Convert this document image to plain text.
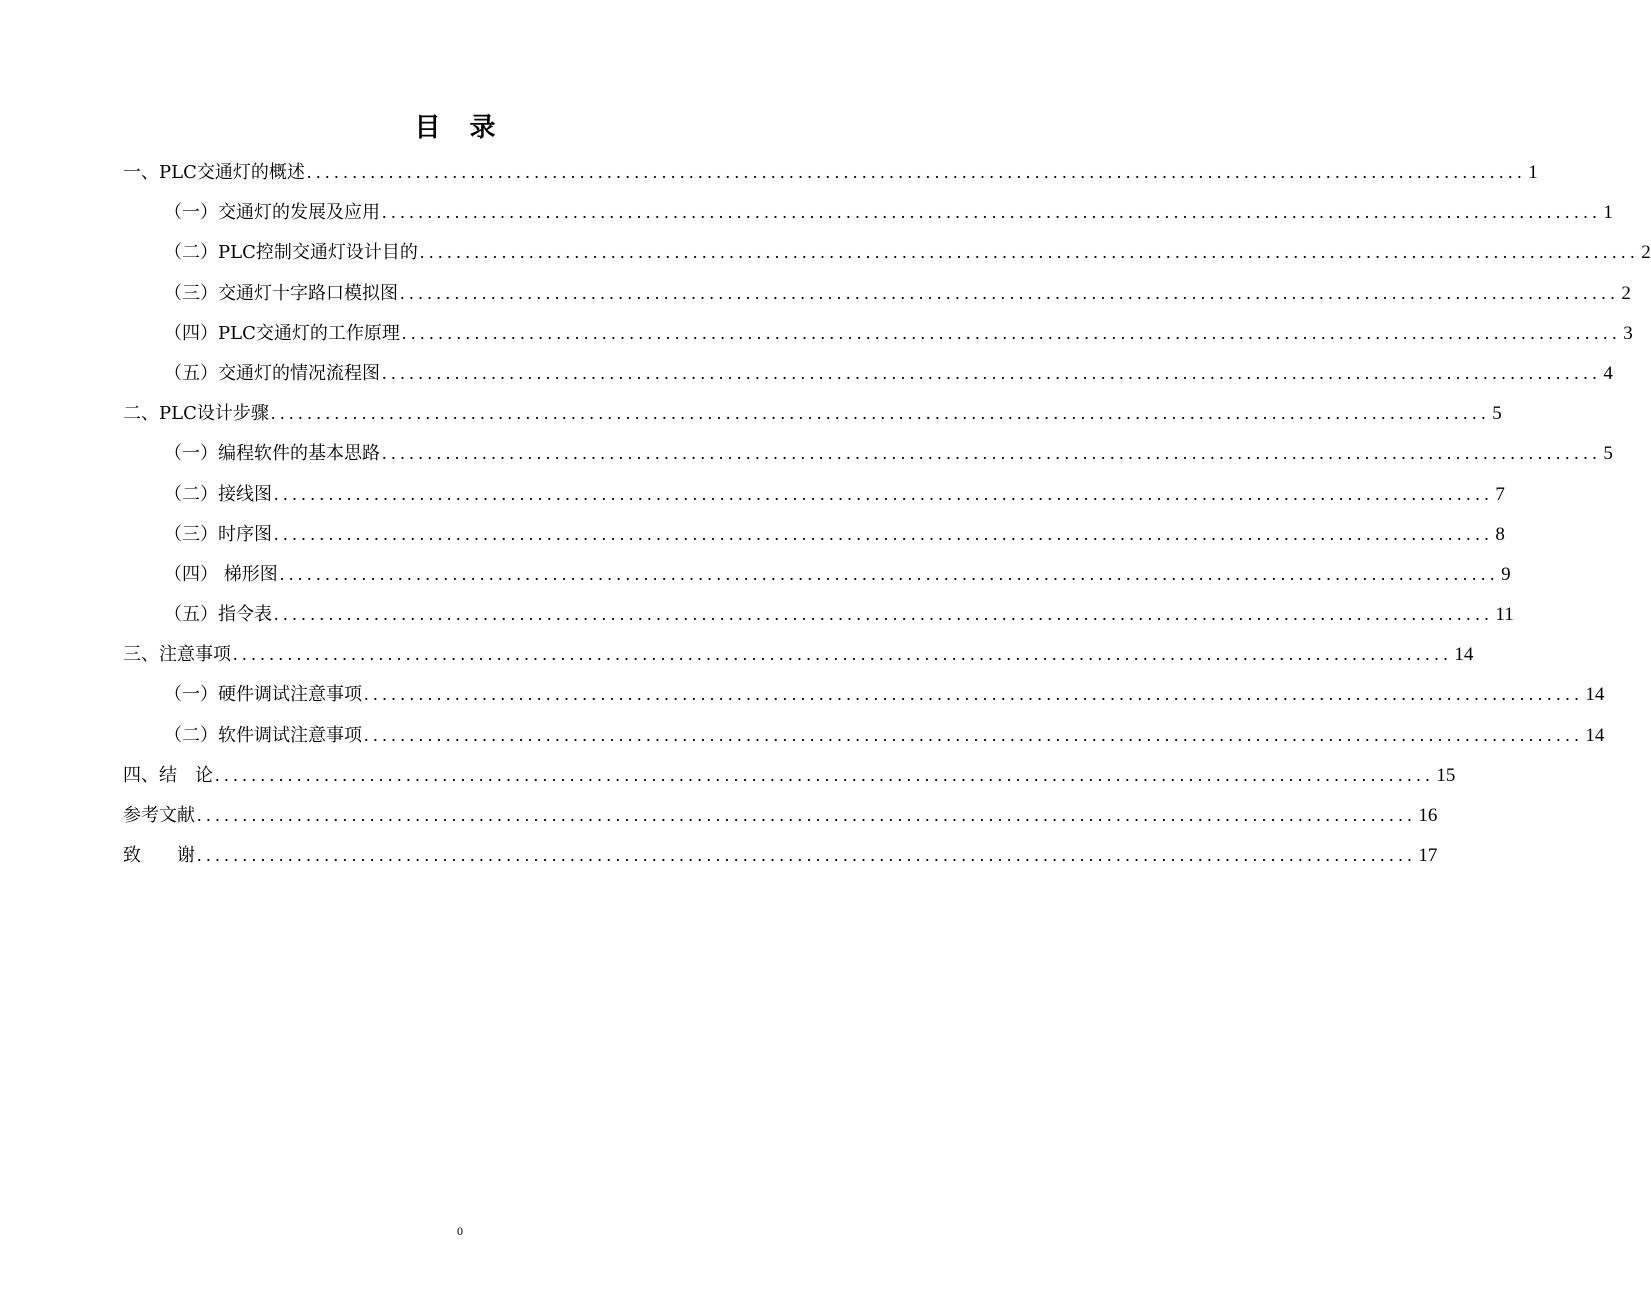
目 录
一、PLC交通灯的概述 ...................................................................................................................................... 1
（一）交通灯的发展及应用 ...................................................................................................................................... 1
（二）PLC控制交通灯设计目的 ...................................................................................................................................... 2
（三）交通灯十字路口模拟图 ...................................................................................................................................... 2
（四）PLC交通灯的工作原理 ...................................................................................................................................... 3
（五）交通灯的情况流程图 ...................................................................................................................................... 4
二、PLC设计步骤 ...................................................................................................................................... 5
（一）编程软件的基本思路 ...................................................................................................................................... 5
（二）接线图 ...................................................................................................................................... 7
（三）时序图 ...................................................................................................................................... 8
（四） 梯形图 ...................................................................................................................................... 9
（五）指令表 ...................................................................................................................................... 11
三、注意事项 ...................................................................................................................................... 14
（一）硬件调试注意事项 ...................................................................................................................................... 14
（二）软件调试注意事项 ...................................................................................................................................... 14
四、结　论 ...................................................................................................................................... 15
参考文献 ...................................................................................................................................... 16
致　　谢 ...................................................................................................................................... 17
0
